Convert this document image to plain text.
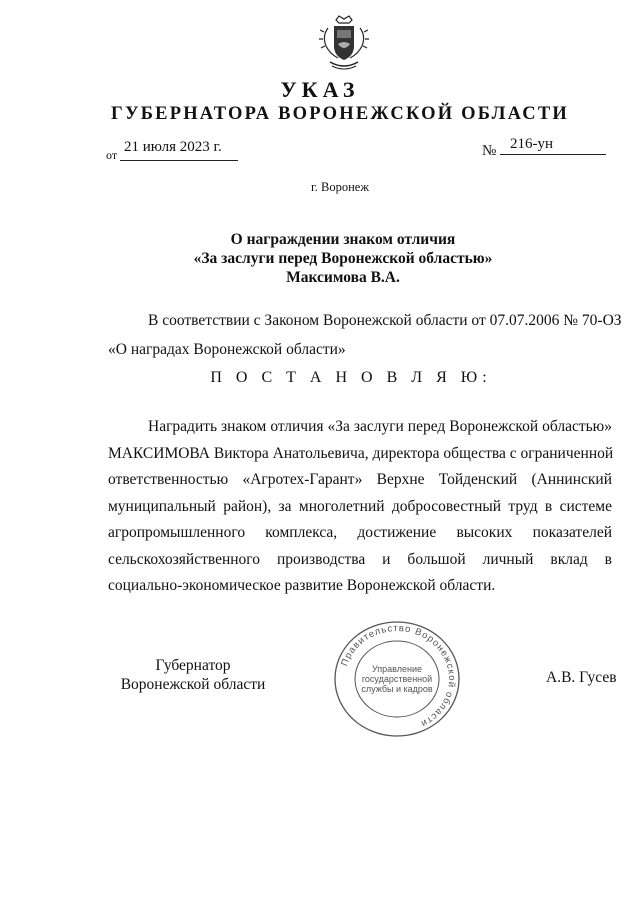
УКАЗ
ГУБЕРНАТОРА ВОРОНЕЖСКОЙ ОБЛАСТИ
от 21 июля 2023 г.	№ 216-ун
г. Воронеж
О награждении знаком отличия
«За заслуги перед Воронежской областью»
Максимова В.А.
В соответствии с Законом Воронежской области от 07.07.2006 № 70-ОЗ
«О наградах Воронежской области»
П О С Т А Н О В Л Я Ю:
Наградить знаком отличия «За заслуги перед Воронежской областью»
МАКСИМОВА Виктора Анатольевича, директора общества с ограниченной
ответственностью «Агротех-Гарант» Верхне Тойденский (Аннинский
муниципальный район), за многолетний добросовестный труд в системе
агропромышленного комплекса, достижение высоких показателей
сельскохозяйственного производства и большой личный вклад в
социально-экономическое развитие Воронежской области.
Губернатор
Воронежской области
Правительство Воронежской области
Управление
государственной
службы и кадров
А.В. Гусев
